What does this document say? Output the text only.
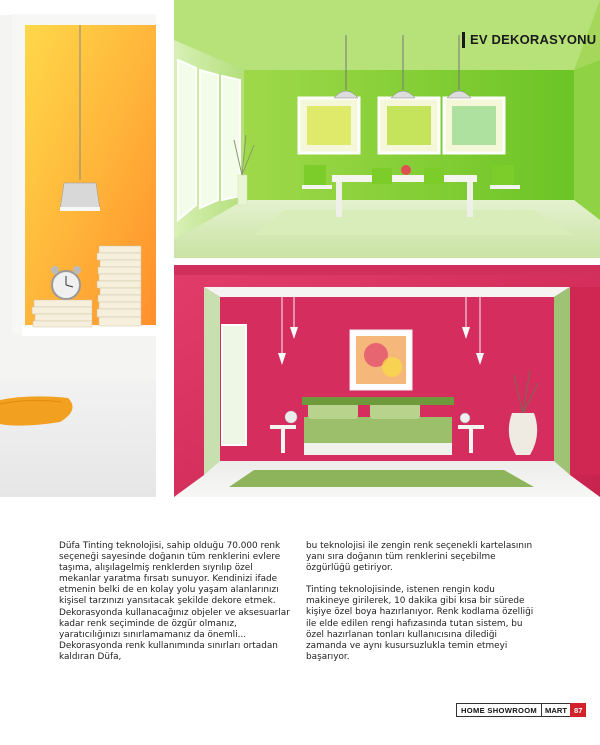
EV DEKORASYONU

Düfa Tinting teknolojisi, sahip olduğu 70.000 renk seçeneği sayesinde doğanın tüm renklerini evlere taşıma, alışılagelmiş renklerden sıyrılıp özel mekanlar yaratma fırsatı sunuyor. Kendinizi ifade etmenin belki de en kolay yolu yaşam alanlarınızı kişisel tarzınızı yansıtacak şekilde dekore etmek. Dekorasyonda kullanacağınız objeler ve aksesuarlar kadar renk seçiminde de özgür olmanız, yaratıcılığınızı sınırlamamanız da önemli... Dekorasyonda renk kullanımında sınırları ortadan kaldıran Düfa,

bu teknolojisi ile zengin renk seçenekli kartelasının yanı sıra doğanın tüm renklerini seçebilme özgürlüğü getiriyor.

Tinting teknolojisinde, istenen rengin kodu makineye girilerek, 10 dakika gibi kısa bir sürede kişiye özel boya hazırlanıyor. Renk kodlama özelliği ile elde edilen rengi hafızasında tutan sistem, bu özel hazırlanan tonları kullanıcısına dilediği zamanda ve aynı kusursuzlukla temin etmeyi başarıyor.

HOME SHOWROOM	MART 87
